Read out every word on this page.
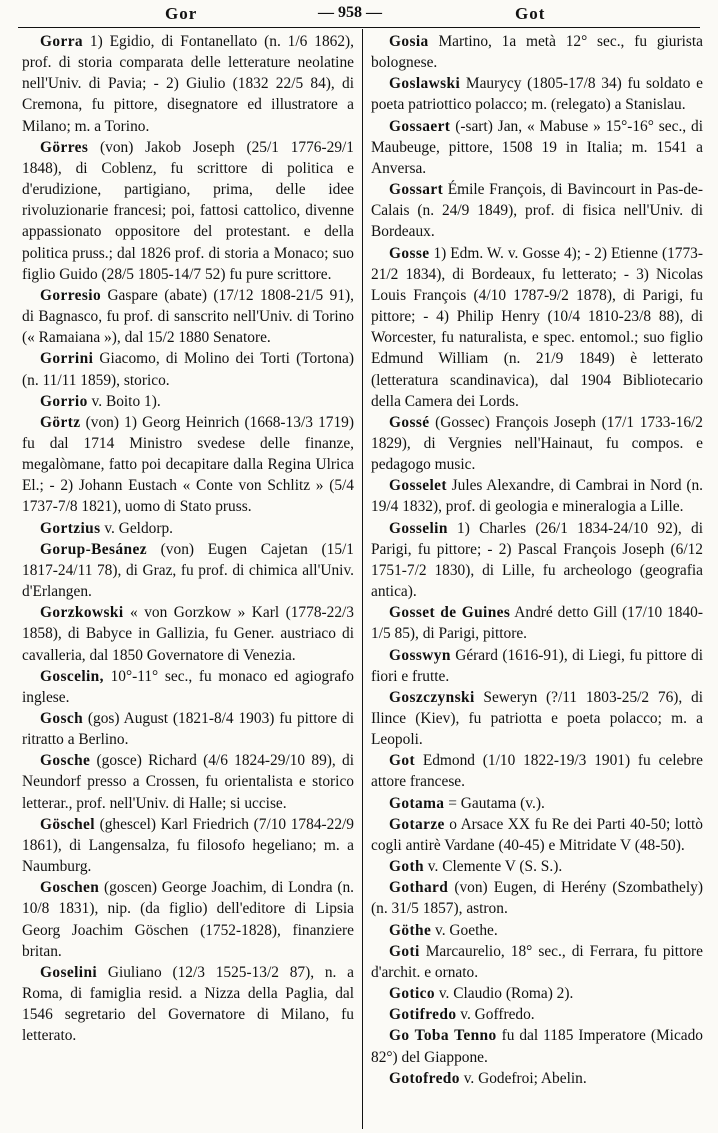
Gor	— 958 —	Got

Gorra 1) Egidio, di Fontanellato (n. 1/6 1862), prof. di storia comparata delle letterature neolatine nell'Univ. di Pavia; - 2) Giulio (1832 22/5 84), di Cremona, fu pittore, disegnatore ed illustratore a Milano; m. a Torino.

Görres (von) Jakob Joseph (25/1 1776-29/1 1848), di Coblenz, fu scrittore di politica e d'erudizione, partigiano, prima, delle idee rivoluzionarie francesi; poi, fattosi cattolico, divenne appassionato oppositore del protestant. e della politica pruss.; dal 1826 prof. di storia a Monaco; suo figlio Guido (28/5 1805-14/7 52) fu pure scrittore.

Gorresio Gaspare (abate) (17/12 1808-21/5 91), di Bagnasco, fu prof. di sanscrito nell'Univ. di Torino (« Ramaiana »), dal 15/2 1880 Senatore.

Gorrini Giacomo, di Molino dei Torti (Tortona) (n. 11/11 1859), storico.

Gorrio v. Boito 1).

Görtz (von) 1) Georg Heinrich (1668-13/3 1719) fu dal 1714 Ministro svedese delle finanze, megalòmane, fatto poi decapitare dalla Regina Ulrica El.; - 2) Johann Eustach « Conte von Schlitz » (5/4 1737-7/8 1821), uomo di Stato pruss.

Gortzius v. Geldorp.

Gorup-Besánez (von) Eugen Cajetan (15/1 1817-24/11 78), di Graz, fu prof. di chimica all'Univ. d'Erlangen.

Gorzkowski « von Gorzkow » Karl (1778-22/3 1858), di Babyce in Gallizia, fu Gener. austriaco di cavalleria, dal 1850 Governatore di Venezia.

Goscelin, 10°-11° sec., fu monaco ed agiografo inglese.

Gosch (gos) August (1821-8/4 1903) fu pittore di ritratto a Berlino.

Gosche (gosce) Richard (4/6 1824-29/10 89), di Neundorf presso a Crossen, fu orientalista e storico letterar., prof. nell'Univ. di Halle; si uccise.

Göschel (ghescel) Karl Friedrich (7/10 1784-22/9 1861), di Langensalza, fu filosofo hegeliano; m. a Naumburg.

Goschen (goscen) George Joachim, di Londra (n. 10/8 1831), nip. (da figlio) dell'editore di Lipsia Georg Joachim Göschen (1752-1828), finanziere britan.

Goselini Giuliano (12/3 1525-13/2 87), n. a Roma, di famiglia resid. a Nizza della Paglia, dal 1546 segretario del Governatore di Milano, fu letterato.

Gosia Martino, 1a metà 12° sec., fu giurista bolognese.

Goslawski Maurycy (1805-17/8 34) fu soldato e poeta patriottico polacco; m. (relegato) a Stanislau.

Gossaert (-sart) Jan, « Mabuse » 15°-16° sec., di Maubeuge, pittore, 1508 19 in Italia; m. 1541 a Anversa.

Gossart Émile François, di Bavincourt in Pas-de-Calais (n. 24/9 1849), prof. di fisica nell'Univ. di Bordeaux.

Gosse 1) Edm. W. v. Gosse 4); - 2) Etienne (1773-21/2 1834), di Bordeaux, fu letterato; - 3) Nicolas Louis François (4/10 1787-9/2 1878), di Parigi, fu pittore; - 4) Philip Henry (10/4 1810-23/8 88), di Worcester, fu naturalista, e spec. entomol.; suo figlio Edmund William (n. 21/9 1849) è letterato (letteratura scandinavica), dal 1904 Bibliotecario della Camera dei Lords.

Gossé (Gossec) François Joseph (17/1 1733-16/2 1829), di Vergnies nell'Hainaut, fu compos. e pedagogo music.

Gosselet Jules Alexandre, di Cambrai in Nord (n. 19/4 1832), prof. di geologia e mineralogia a Lille.

Gosselin 1) Charles (26/1 1834-24/10 92), di Parigi, fu pittore; - 2) Pascal François Joseph (6/12 1751-7/2 1830), di Lille, fu archeologo (geografia antica).

Gosset de Guines André detto Gill (17/10 1840-1/5 85), di Parigi, pittore.

Gosswyn Gérard (1616-91), di Liegi, fu pittore di fiori e frutte.

Goszczynski Seweryn (?/11 1803-25/2 76), di Ilince (Kiev), fu patriotta e poeta polacco; m. a Leopoli.

Got Edmond (1/10 1822-19/3 1901) fu celebre attore francese.

Gotama = Gautama (v.).

Gotarze o Arsace XX fu Re dei Parti 40-50; lottò cogli antirè Vardane (40-45) e Mitridate V (48-50).

Goth v. Clemente V (S. S.).

Gothard (von) Eugen, di Herény (Szombathely) (n. 31/5 1857), astron.

Göthe v. Goethe.

Goti Marcaurelio, 18° sec., di Ferrara, fu pittore d'archit. e ornato.

Gotico v. Claudio (Roma) 2).

Gotifredo v. Goffredo.

Go Toba Tenno fu dal 1185 Imperatore (Micado 82°) del Giappone.

Gotofredo v. Godefroi; Abelin.
